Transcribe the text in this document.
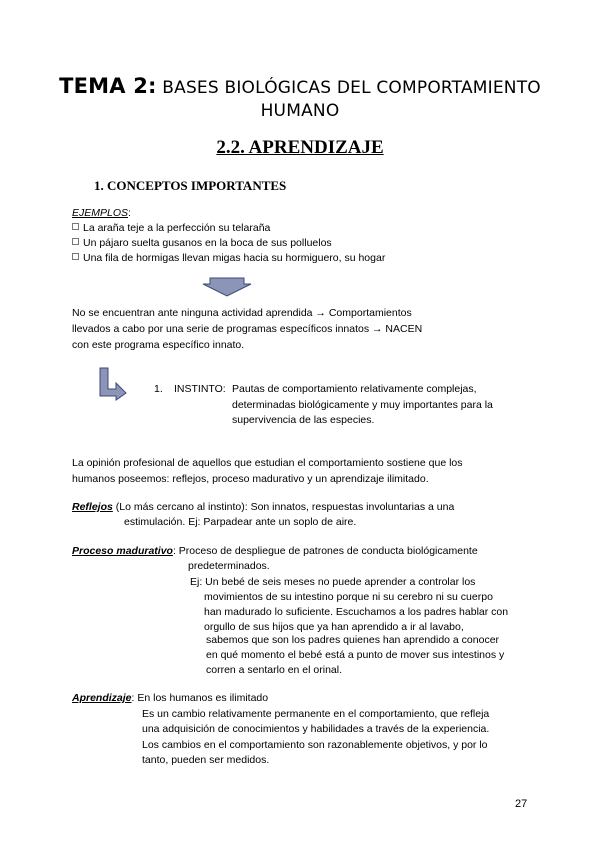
TEMA 2: BASES BIOLÓGICAS DEL COMPORTAMIENTO
HUMANO
2.2. APRENDIZAJE
1. CONCEPTOS IMPORTANTES
EJEMPLOS:
La araña teje a la perfección su telaraña
Un pájaro suelta gusanos en la boca de sus polluelos
Una fila de hormigas llevan migas hacia su hormiguero, su hogar
No se encuentran ante ninguna actividad aprendida → Comportamientos
llevados a cabo por una serie de programas específicos innatos → NACEN
con este programa específico innato.
1. INSTINTO: Pautas de comportamiento relativamente complejas,
determinadas biológicamente y muy importantes para la
supervivencia de las especies.
La opinión profesional de aquellos que estudian el comportamiento sostiene que los
humanos poseemos: reflejos, proceso madurativo y un aprendizaje ilimitado.
Reflejos (Lo más cercano al instinto): Son innatos, respuestas involuntarias a una
estimulación. Ej: Parpadear ante un soplo de aire.
Proceso madurativo: Proceso de despliegue de patrones de conducta biológicamente
predeterminados.
Ej: Un bebé de seis meses no puede aprender a controlar los
movimientos de su intestino porque ni su cerebro ni su cuerpo
han madurado lo suficiente. Escuchamos a los padres hablar con
orgullo de sus hijos que ya han aprendido a ir al lavabo,
sabemos que son los padres quienes han aprendido a conocer
en qué momento el bebé está a punto de mover sus intestinos y
corren a sentarlo en el orinal.
Aprendizaje: En los humanos es ilimitado
Es un cambio relativamente permanente en el comportamiento, que refleja
una adquisición de conocimientos y habilidades a través de la experiencia.
Los cambios en el comportamiento son razonablemente objetivos, y por lo
tanto, pueden ser medidos.
27
